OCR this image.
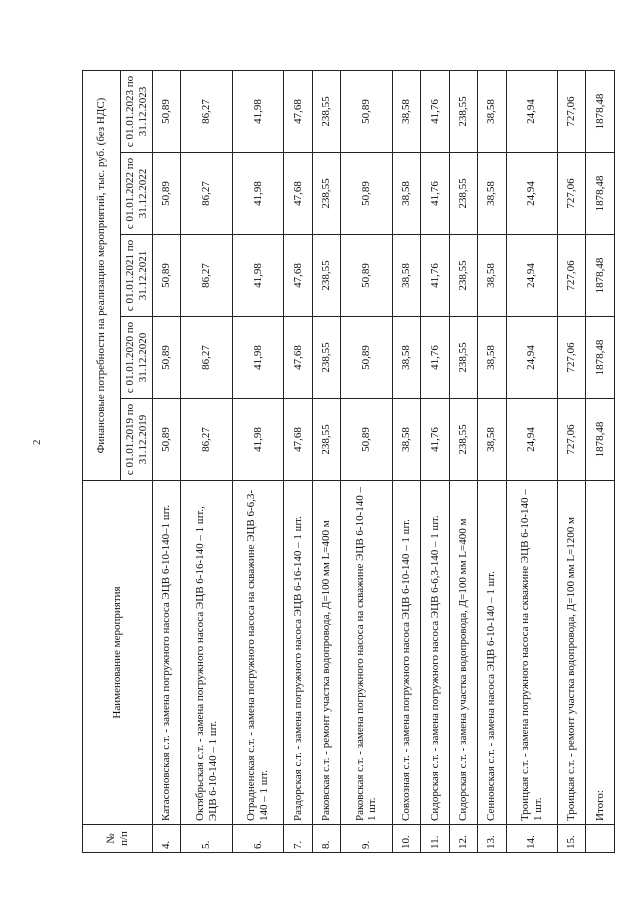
2
№ п/п	Наименование мероприятия	Финансовые потребности на реализацию мероприятий, тыс. руб. (без НДС)				
		с 01.01.2019 по 31.12.2019	с 01.01.2020 по 31.12.2020	с 01.01.2021 по 31.12.2021	с 01.01.2022 по 31.12.2022	с 01.01.2023 по 31.12.2023
4.	Катасоновская с.т. - замена погружного насоса ЭЦВ 6-10-140–1 шт.	50,89	50,89	50,89	50,89	50,89
5.	Октябрьская с.т. - замена погружного насоса ЭЦВ 6-16-140 – 1 шт., ЭЦВ 6-10-140 – 1 шт.	86,27	86,27	86,27	86,27	86,27
6.	Отрадненская с.т. - замена погружного насоса на скважине ЭЦВ 6-6,3-140 – 1 шт.	41,98	41,98	41,98	41,98	41,98
7.	Раздорская с.т. - замена погружного насоса ЭЦВ 6-16-140 – 1 шт.	47,68	47,68	47,68	47,68	47,68
8.	Раковская с.т. - ремонт участка водопровода, Д=100 мм L=400 м	238,55	238,55	238,55	238,55	238,55
9.	Раковская с.т. - замена погружного насоса на скважине ЭЦВ 6-10-140 – 1 шт.	50,89	50,89	50,89	50,89	50,89
10.	Совхозная с.т. - замена погружного насоса ЭЦВ 6-10-140 – 1 шт.	38,58	38,58	38,58	38,58	38,58
11.	Сидорская с.т. - замена погружного насоса ЭЦВ 6-6,3-140 – 1 шт.	41,76	41,76	41,76	41,76	41,76
12.	Сидорская с.т. - замена участка водопровода, Д=100 мм L=400 м	238,55	238,55	238,55	238,55	238,55
13.	Сенновская с.т. - замена насоса ЭЦВ 6-10-140 – 1 шт.	38,58	38,58	38,58	38,58	38,58
14.	Троицкая с.т. - замена погружного насоса на скважине ЭЦВ 6-10-140 – 1 шт.	24,94	24,94	24,94	24,94	24,94
15.	Троицкая с.т. - ремонт участка водопровода, Д=100 мм L=1200 м	727,06	727,06	727,06	727,06	727,06
	Итого:	1878,48	1878,48	1878,48	1878,48	1878,48
